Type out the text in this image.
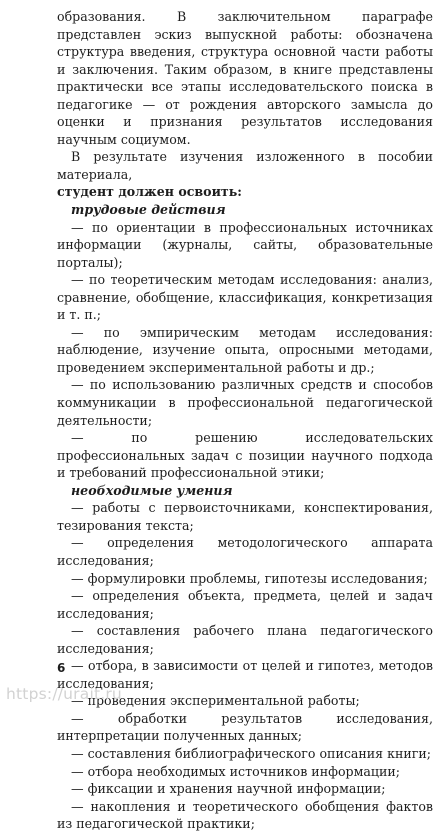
образования. В заключительном параграфе представлен эскиз выпускной работы: обозначена структура введения, структура основной части работы и заключения. Таким образом, в книге представлены практически все этапы исследовательского поиска в педагогике — от рождения авторского замысла до оценки и признания результатов исследования научным социумом.

В результате изучения изложенного в пособии материала,
студент должен освоить:

трудовые действия

— по ориентации в профессиональных источниках информации (журналы, сайты, образовательные порталы);

— по теоретическим методам исследования: анализ, сравнение, обобщение, классификация, конкретизация и т. п.;

— по эмпирическим методам исследования: наблюдение, изучение опыта, опросными методами, проведением экспериментальной работы и др.;

— по использованию различных средств и способов коммуникации в профессиональной педагогической деятельности;

— по решению исследовательских профессиональных задач с позиции научного подхода и требований профессиональной этики;

необходимые умения

— работы с первоисточниками, конспектирования, тезирования текста;

— определения методологического аппарата исследования;

— формулировки проблемы, гипотезы исследования;

— определения объекта, предмета, целей и задач исследования;

— составления рабочего плана педагогического исследования;

— отбора, в зависимости от целей и гипотез, методов исследования;

— проведения экспериментальной работы;

— обработки результатов исследования, интерпретации полученных данных;

— составления библиографического описания книги;

— отбора необходимых источников информации;

— фиксации и хранения научной информации;

— накопления и теоретического обобщения фактов из педагогической практики;

6
https://urait.ru
